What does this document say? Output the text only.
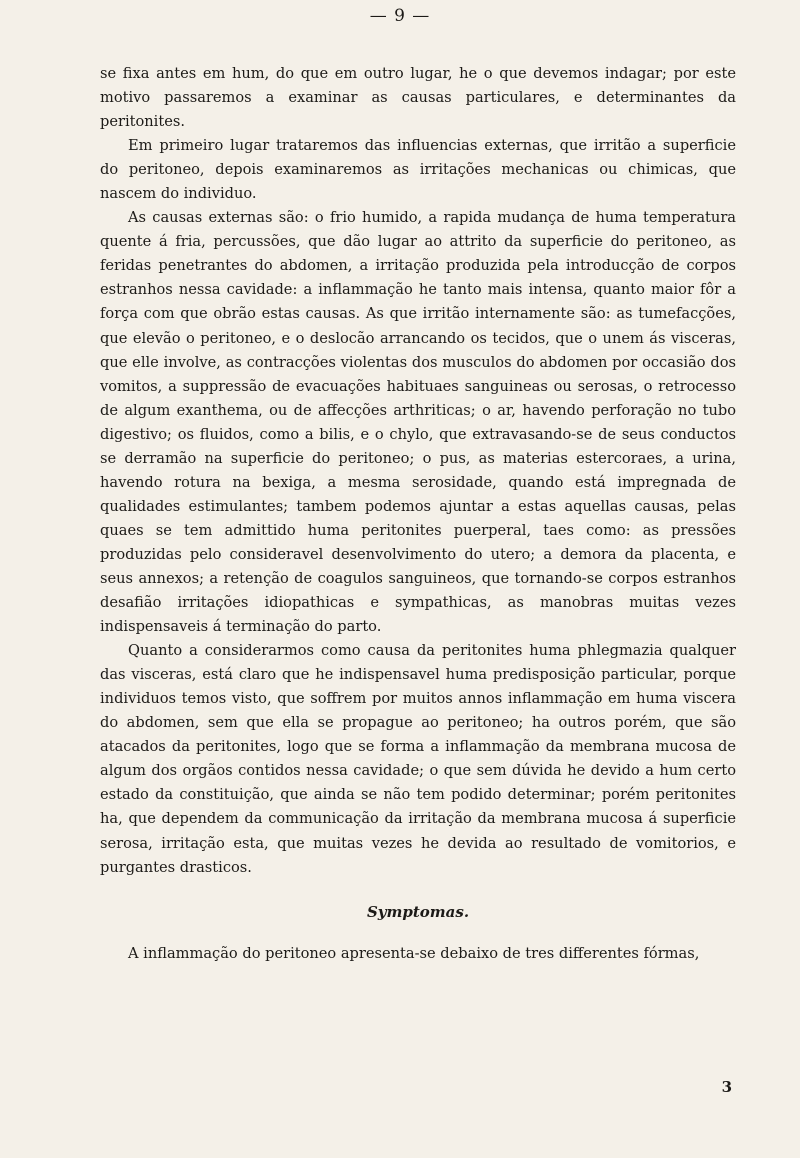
— 9 —

se fixa antes em hum, do que em outro lugar, he o que devemos indagar; por este motivo passaremos a examinar as causas particulares, e determinantes da peritonites.

Em primeiro lugar trataremos das influencias externas, que irritão a superficie do peritoneo, depois examinaremos as irritações mechanicas ou chimicas, que nascem do individuo.

As causas externas são: o frio humido, a rapida mudança de huma temperatura quente á fria, percussões, que dão lugar ao attrito da superficie do peritoneo, as feridas penetrantes do abdomen, a irritação produzida pela introducção de corpos estranhos nessa cavidade: a inflammação he tanto mais intensa, quanto maior fôr a força com que obrão estas causas. As que irritão internamente são: as tumefacções, que elevão o peritoneo, e o deslocão arrancando os tecidos, que o unem ás visceras, que elle involve, as contracções violentas dos musculos do abdomen por occasião dos vomitos, a suppressão de evacuações habituaes sanguineas ou serosas, o retrocesso de algum exanthema, ou de affecções arthriticas; o ar, havendo perforação no tubo digestivo; os fluidos, como a bilis, e o chylo, que extravasando-se de seus conductos se derramão na superficie do peritoneo; o pus, as materias estercoraes, a urina, havendo rotura na bexiga, a mesma serosidade, quando está impregnada de qualidades estimulantes; tambem podemos ajuntar a estas aquellas causas, pelas quaes se tem admittido huma peritonites puerperal, taes como: as pressões produzidas pelo consideravel desenvolvimento do utero; a demora da placenta, e seus annexos; a retenção de coagulos sanguineos, que tornando-se corpos estranhos desafião irritações idiopathicas e sympathicas, as manobras muitas vezes indispensaveis á terminação do parto.

Quanto a considerarmos como causa da peritonites huma phlegmazia qualquer das visceras, está claro que he indispensavel huma predisposição particular, porque individuos temos visto, que soffrem por muitos annos inflammação em huma viscera do abdomen, sem que ella se propague ao peritoneo; ha outros porém, que são atacados da peritonites, logo que se forma a inflammação da membrana mucosa de algum dos orgãos contidos nessa cavidade; o que sem dúvida he devido a hum certo estado da constituição, que ainda se não tem podido determinar; porém peritonites ha, que dependem da communicação da irritação da membrana mucosa á superficie serosa, irritação esta, que muitas vezes he devida ao resultado de vomitorios, e purgantes drasticos.

Symptomas.

A inflammação do peritoneo apresenta-se debaixo de tres differentes fórmas,

3
